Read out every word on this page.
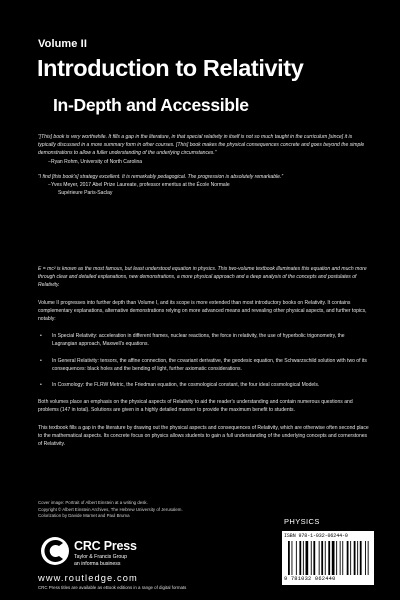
Volume II
Introduction to Relativity
In-Depth and Accessible

“[This] book is very worthwhile. It fills a gap in the literature, in that special relativity in itself is not so much taught in the curriculum [since] it is typically discussed in a more summary form in other courses. [This] book makes the physical consequences concrete and goes beyond the simple demonstrations to allow a fuller understanding of the underlying circumstances.”

−Ryan Rohm, University of North Carolina

“I find [this book's] strategy excellent. It is remarkably pedagogical. The progression is absolutely remarkable.”

−Yves Meyer, 2017 Abel Prize Laureate, professor emeritus at the École Normale
Supérieure Paris-Saclay

E = mc² is known as the most famous, but least understood equation in physics. This two-volume textbook illuminates this equation and much more through clear and detailed explanations, new demonstrations, a more physical approach and a deep analysis of the concepts and postulates of Relativity.

Volume II progresses into further depth than Volume I, and its scope is more extended than most introductory books on Relativity. It contains complementary explanations, alternative demonstrations relying on more advanced means and revealing other physical aspects, and further topics, notably:

• In Special Relativity: acceleration in different frames, nuclear reactions, the force in relativity, the use of hyperbolic trigonometry, the Lagrangian approach, Maxwell's equations.
• In General Relativity: tensors, the affine connection, the covariant derivative, the geodesic equation, the Schwarzschild solution with two of its consequences: black holes and the bending of light, further axiomatic considerations.
• In Cosmology: the FLRW Metric, the Friedman equation, the cosmological constant, the four ideal cosmological Models.

Both volumes place an emphasis on the physical aspects of Relativity to aid the reader's understanding and contain numerous questions and problems (147 in total). Solutions are given in a highly detailed manner to provide the maximum benefit to students.

This textbook fills a gap in the literature by drawing out the physical aspects and consequences of Relativity, which are otherwise often second place to the mathematical aspects. Its concrete focus on physics allows students to gain a full understanding of the underlying concepts and cornerstones of Relativity.

Cover image: Portrait of Albert Einstein at a writing desk.
Copyright © Albert Einstein Archives, The Hebrew University of Jerusalem.
Colorization by Davide Marnet and Paul Bruma
PHYSICS
CRC Press
Taylor & Francis Group
an informa business
www.routledge.com
CRC Press titles are available as eBook editions in a range of digital formats
ISBN 978-1-032-06244-0
9 781032 062440
